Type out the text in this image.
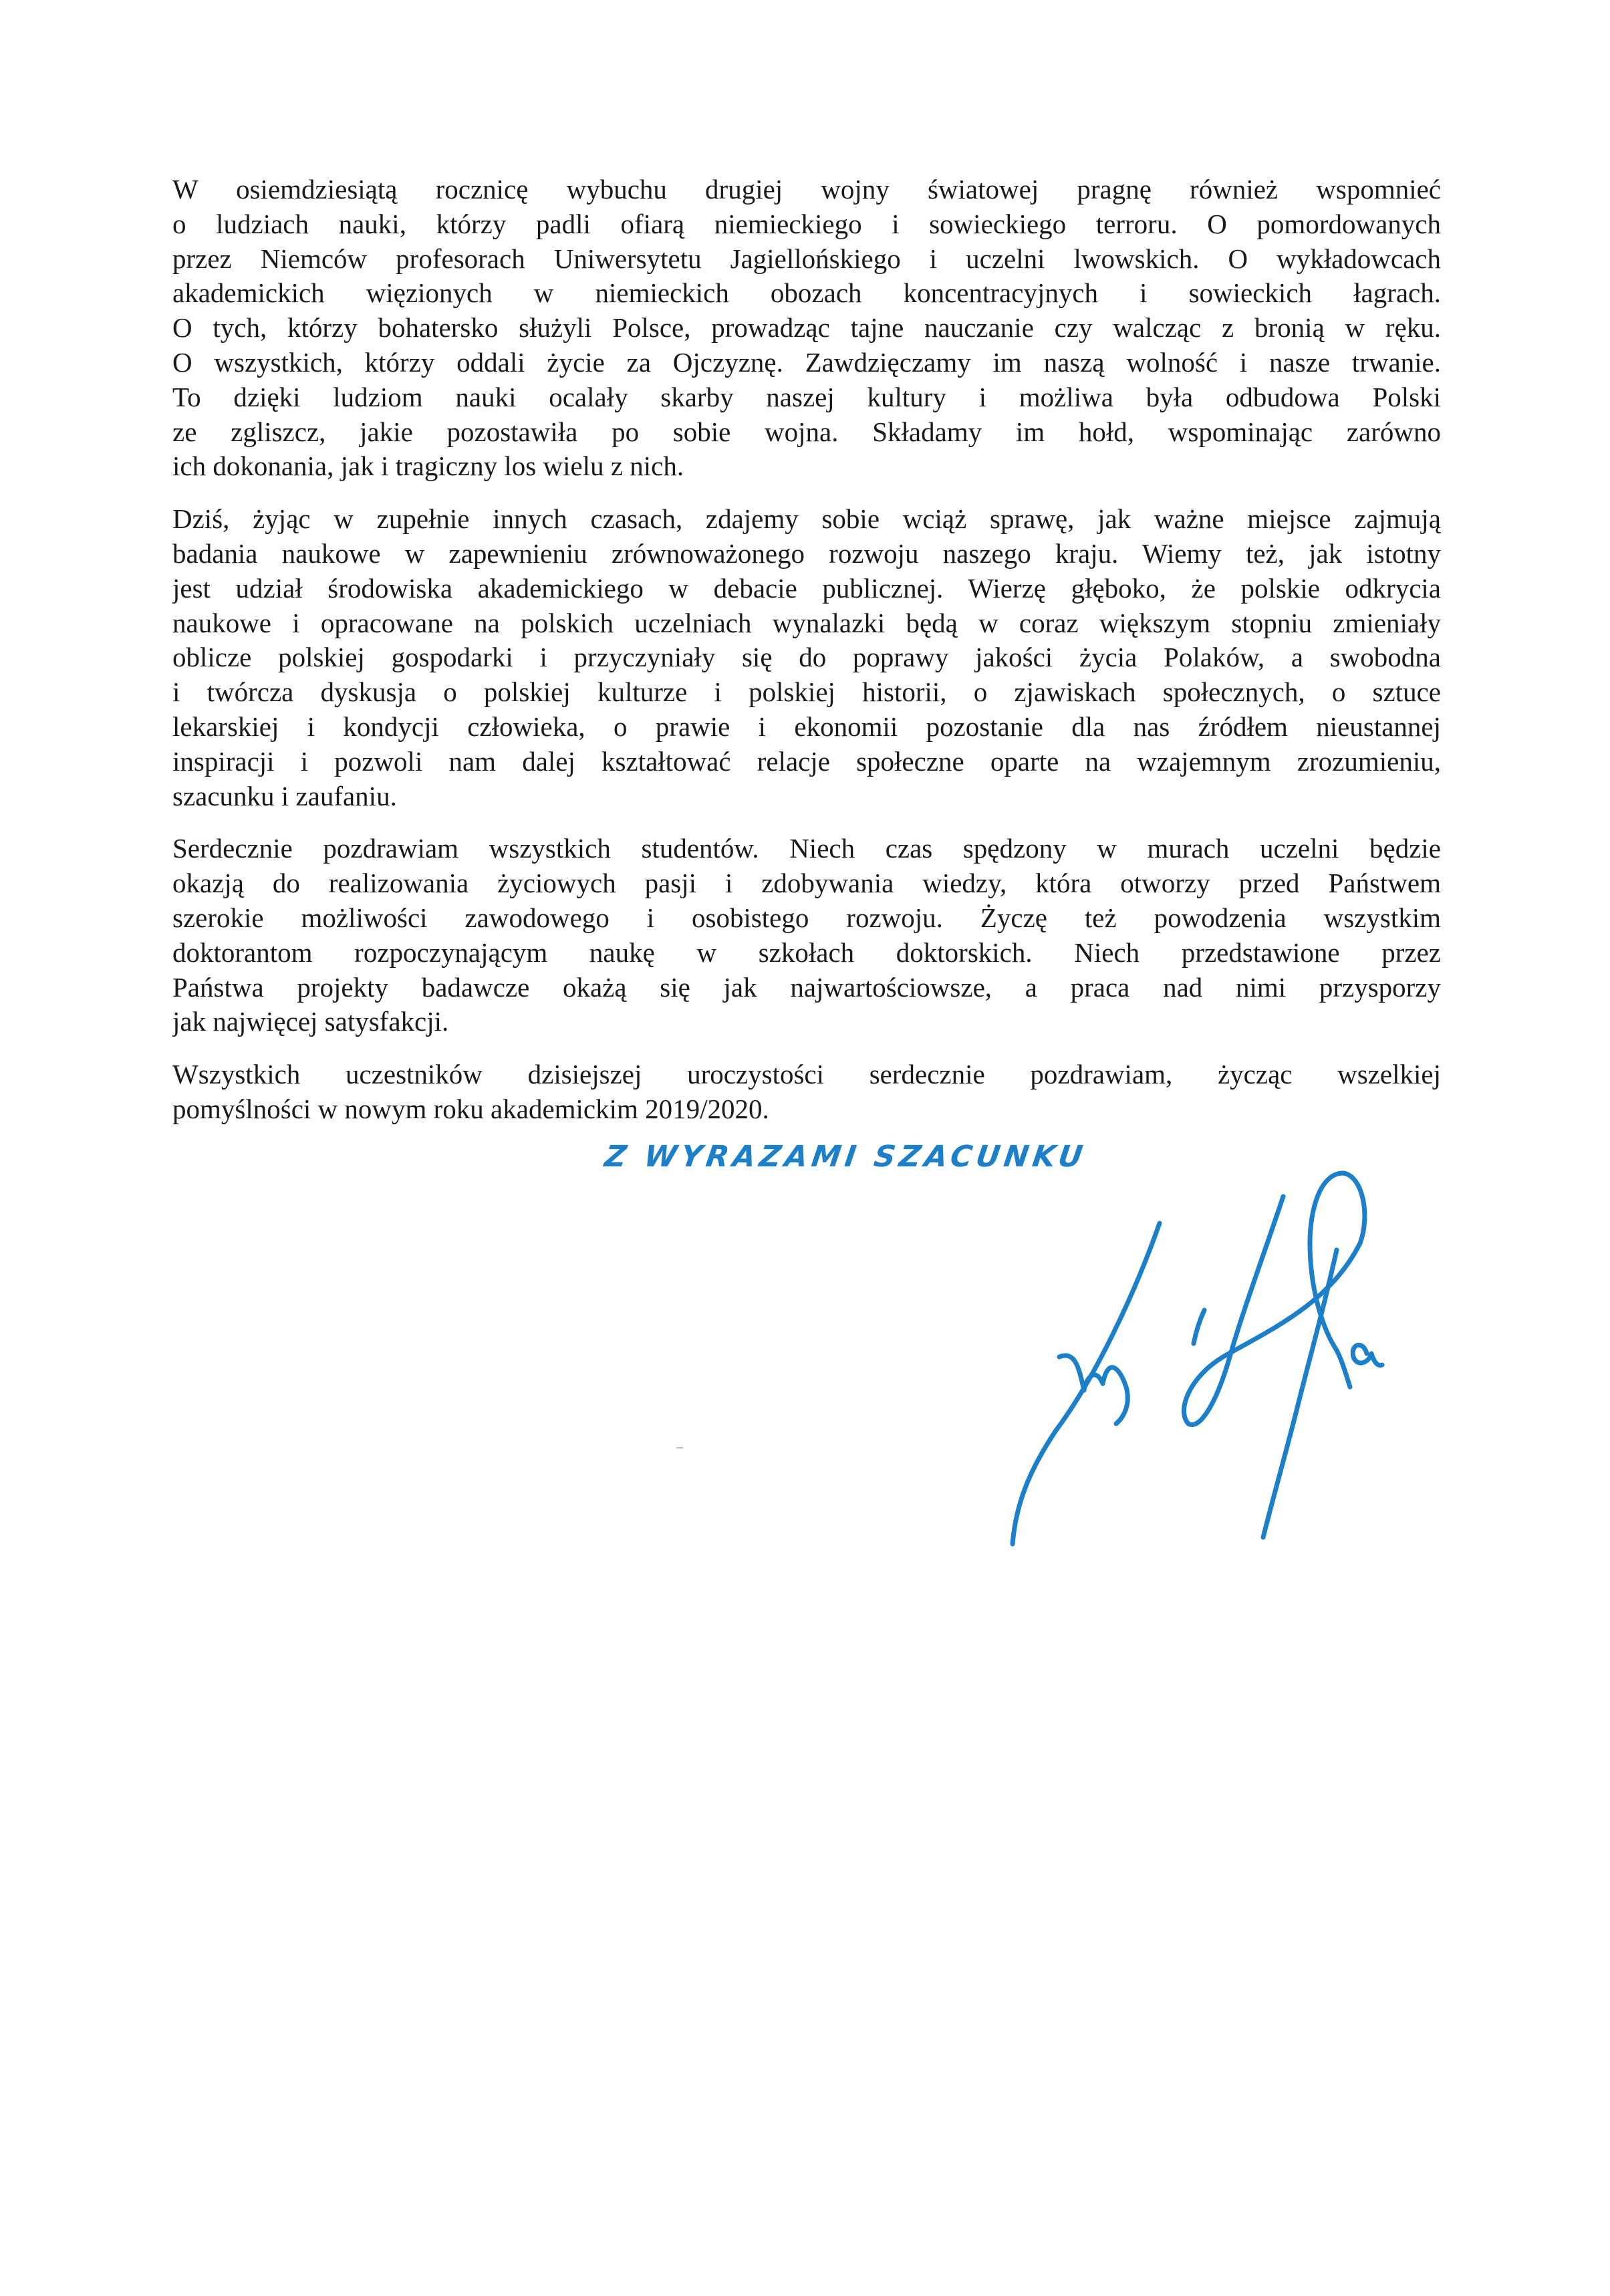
W osiemdziesiątą rocznicę wybuchu drugiej wojny światowej pragnę również wspomnieć
o ludziach nauki, którzy padli ofiarą niemieckiego i sowieckiego terroru. O pomordowanych
przez Niemców profesorach Uniwersytetu Jagiellońskiego i uczelni lwowskich. O wykładowcach
akademickich więzionych w niemieckich obozach koncentracyjnych i sowieckich łagrach.
O tych, którzy bohatersko służyli Polsce, prowadząc tajne nauczanie czy walcząc z bronią w ręku.
O wszystkich, którzy oddali życie za Ojczyznę. Zawdzięczamy im naszą wolność i nasze trwanie.
To dzięki ludziom nauki ocalały skarby naszej kultury i możliwa była odbudowa Polski
ze zgliszcz, jakie pozostawiła po sobie wojna. Składamy im hołd, wspominając zarówno
ich dokonania, jak i tragiczny los wielu z nich.
Dziś, żyjąc w zupełnie innych czasach, zdajemy sobie wciąż sprawę, jak ważne miejsce zajmują
badania naukowe w zapewnieniu zrównoważonego rozwoju naszego kraju. Wiemy też, jak istotny
jest udział środowiska akademickiego w debacie publicznej. Wierzę głęboko, że polskie odkrycia
naukowe i opracowane na polskich uczelniach wynalazki będą w coraz większym stopniu zmieniały
oblicze polskiej gospodarki i przyczyniały się do poprawy jakości życia Polaków, a swobodna
i twórcza dyskusja o polskiej kulturze i polskiej historii, o zjawiskach społecznych, o sztuce
lekarskiej i kondycji człowieka, o prawie i ekonomii pozostanie dla nas źródłem nieustannej
inspiracji i pozwoli nam dalej kształtować relacje społeczne oparte na wzajemnym zrozumieniu,
szacunku i zaufaniu.
Serdecznie pozdrawiam wszystkich studentów. Niech czas spędzony w murach uczelni będzie
okazją do realizowania życiowych pasji i zdobywania wiedzy, która otworzy przed Państwem
szerokie możliwości zawodowego i osobistego rozwoju. Życzę też powodzenia wszystkim
doktorantom rozpoczynającym naukę w szkołach doktorskich. Niech przedstawione przez
Państwa projekty badawcze okażą się jak najwartościowsze, a praca nad nimi przysporzy
jak najwięcej satysfakcji.
Wszystkich uczestników dzisiejszej uroczystości serdecznie pozdrawiam, życząc wszelkiej
pomyślności w nowym roku akademickim 2019/2020.
Z WYRAZAMI SZACUNKU
